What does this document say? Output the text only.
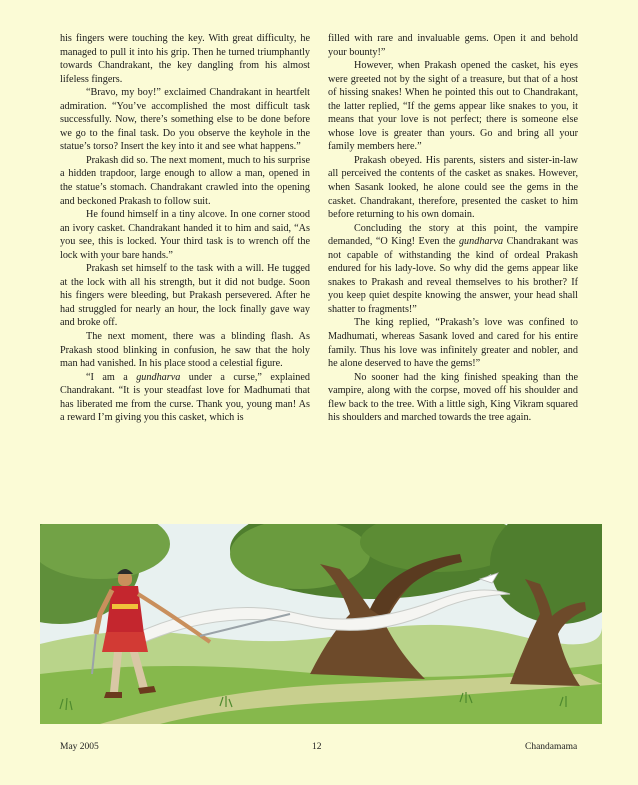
his fingers were touching the key. With great difficulty, he managed to pull it into his grip. Then he turned triumphantly towards Chandrakant, the key dangling from his almost lifeless fingers.

“Bravo, my boy!” exclaimed Chandrakant in heartfelt admiration. “You’ve accomplished the most difficult task successfully. Now, there’s something else to be done before we go to the final task. Do you observe the keyhole in the statue’s torso? Insert the key into it and see what happens.”

Prakash did so. The next moment, much to his surprise a hidden trapdoor, large enough to allow a man, opened in the statue’s stomach. Chandrakant crawled into the opening and beckoned Prakash to follow suit.

He found himself in a tiny alcove. In one corner stood an ivory casket. Chandrakant handed it to him and said, “As you see, this is locked. Your third task is to wrench off the lock with your bare hands.”

Prakash set himself to the task with a will. He tugged at the lock with all his strength, but it did not budge. Soon his fingers were bleeding, but Prakash persevered. After he had struggled for nearly an hour, the lock finally gave way and broke off.

The next moment, there was a blinding flash. As Prakash stood blinking in confusion, he saw that the holy man had vanished. In his place stood a celestial figure.

“I am a gundharva under a curse,” explained Chandrakant. “It is your steadfast love for Madhumati that has liberated me from the curse. Thank you, young man! As a reward I’m giving you this casket, which is

filled with rare and invaluable gems. Open it and behold your bounty!”

However, when Prakash opened the casket, his eyes were greeted not by the sight of a treasure, but that of a host of hissing snakes! When he pointed this out to Chandrakant, the latter replied, “If the gems appear like snakes to you, it means that your love is not perfect; there is someone else whose love is greater than yours. Go and bring all your family members here.”

Prakash obeyed. His parents, sisters and sister-in-law all perceived the contents of the casket as snakes. However, when Sasank looked, he alone could see the gems in the casket. Chandrakant, therefore, presented the casket to him before returning to his own domain.

Concluding the story at this point, the vampire demanded, “O King! Even the gundharva Chandrakant was not capable of withstanding the kind of ordeal Prakash endured for his lady-love. So why did the gems appear like snakes to Prakash and reveal themselves to his brother? If you keep quiet despite knowing the answer, your head shall shatter to fragments!”

The king replied, “Prakash’s love was confined to Madhumati, whereas Sasank loved and cared for his entire family. Thus his love was infinitely greater and nobler, and he alone deserved to have the gems!”

No sooner had the king finished speaking than the vampire, along with the corpse, moved off his shoulder and flew back to the tree. With a little sigh, King Vikram squared his shoulders and marched towards the tree again.

May 2005	12	Chandamama
